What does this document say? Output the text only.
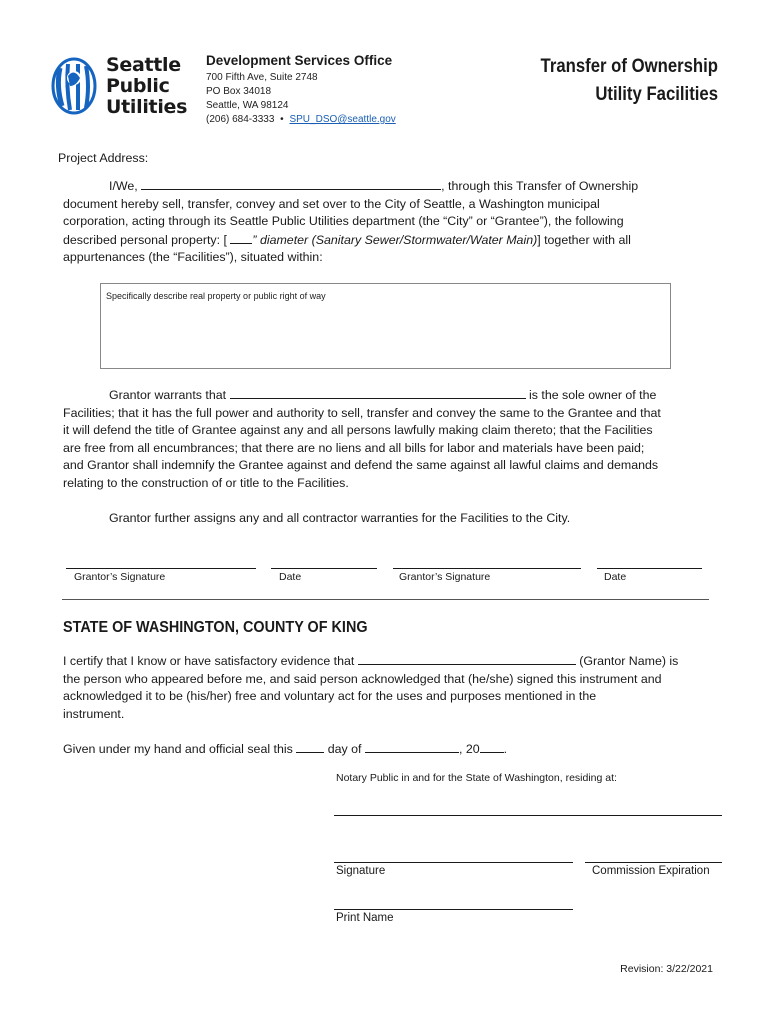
Seattle
Public
Utilities
Development Services Office
700 Fifth Ave, Suite 2748
PO Box 34018
Seattle, WA 98124
(206) 684-3333 • SPU_DSO@seattle.gov
Transfer of Ownership
Utility Facilities
Project Address:
I/We,	, through this Transfer of Ownership
document hereby sell, transfer, convey and set over to the City of Seattle, a Washington municipal
corporation, acting through its Seattle Public Utilities department (the “City” or “Grantee”), the following
described personal property: [ ” diameter (Sanitary Sewer/Stormwater/Water Main)] together with all
appurtenances (the “Facilities”), situated within:
Specifically describe real property or public right of way
Grantor warrants that	is the sole owner of the
Facilities; that it has the full power and authority to sell, transfer and convey the same to the Grantee and that
it will defend the title of Grantee against any and all persons lawfully making claim thereto; that the Facilities
are free from all encumbrances; that there are no liens and all bills for labor and materials have been paid;
and Grantor shall indemnify the Grantee against and defend the same against all lawful claims and demands
relating to the construction of or title to the Facilities.
Grantor further assigns any and all contractor warranties for the Facilities to the City.
Grantor’s Signature	Date	Grantor’s Signature	Date
STATE OF WASHINGTON, COUNTY OF KING
I certify that I know or have satisfactory evidence that	(Grantor Name) is
the person who appeared before me, and said person acknowledged that (he/she) signed this instrument and
acknowledged it to be (his/her) free and voluntary act for the uses and purposes mentioned in the
instrument.
Given under my hand and official seal this	day of	, 20 .
Notary Public in and for the State of Washington, residing at:
Signature	Commission Expiration
Print Name
Revision: 3/22/2021
